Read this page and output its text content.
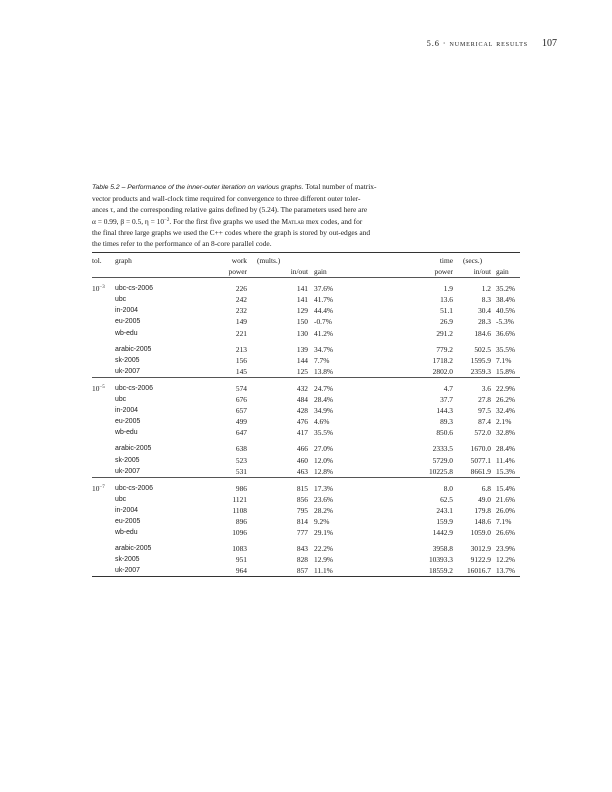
5.6 · numerical results 107
Table 5.2 – Performance of the inner-outer iteration on various graphs. Total number of matrix-
vector products and wall-clock time required for convergence to three different outer toler-
ances τ, and the corresponding relative gains defined by (5.24). The parameters used here are
α = 0.99, β = 0.5, $\eta = 10^{-2}$. For the first five graphs we used the Matlab mex codes, and for
the final three large graphs we used the C++ codes where the graph is stored by out-edges and
the times refer to the performance of an 8-core parallel code.
tol.	graph	work	(mults.)			time	(secs.)	
		power	in/out	gain		power	in/out	gain

$10^{-3}$	ubc-cs-2006	226	141	37.6%		1.9	1.2	35.2%
	ubc	242	141	41.7%		13.6	8.3	38.4%
	in-2004	232	129	44.4%		51.1	30.4	40.5%
	eu-2005	149	150	-0.7%		26.9	28.3	-5.3%
	wb-edu	221	130	41.2%		291.2	184.6	36.6%

	arabic-2005	213	139	34.7%		779.2	502.5	35.5%
	sk-2005	156	144	7.7%		1718.2	1595.9	7.1%
	uk-2007	145	125	13.8%		2802.0	2359.3	15.8%

$10^{-5}$	ubc-cs-2006	574	432	24.7%		4.7	3.6	22.9%
	ubc	676	484	28.4%		37.7	27.8	26.2%
	in-2004	657	428	34.9%		144.3	97.5	32.4%
	eu-2005	499	476	4.6%		89.3	87.4	2.1%
	wb-edu	647	417	35.5%		850.6	572.0	32.8%

	arabic-2005	638	466	27.0%		2333.5	1670.0	28.4%
	sk-2005	523	460	12.0%		5729.0	5077.1	11.4%
	uk-2007	531	463	12.8%		10225.8	8661.9	15.3%

$10^{-7}$	ubc-cs-2006	986	815	17.3%		8.0	6.8	15.4%
	ubc	1121	856	23.6%		62.5	49.0	21.6%
	in-2004	1108	795	28.2%		243.1	179.8	26.0%
	eu-2005	896	814	9.2%		159.9	148.6	7.1%
	wb-edu	1096	777	29.1%		1442.9	1059.0	26.6%

	arabic-2005	1083	843	22.2%		3958.8	3012.9	23.9%
	sk-2005	951	828	12.9%		10393.3	9122.9	12.2%
	uk-2007	964	857	11.1%		18559.2	16016.7	13.7%
